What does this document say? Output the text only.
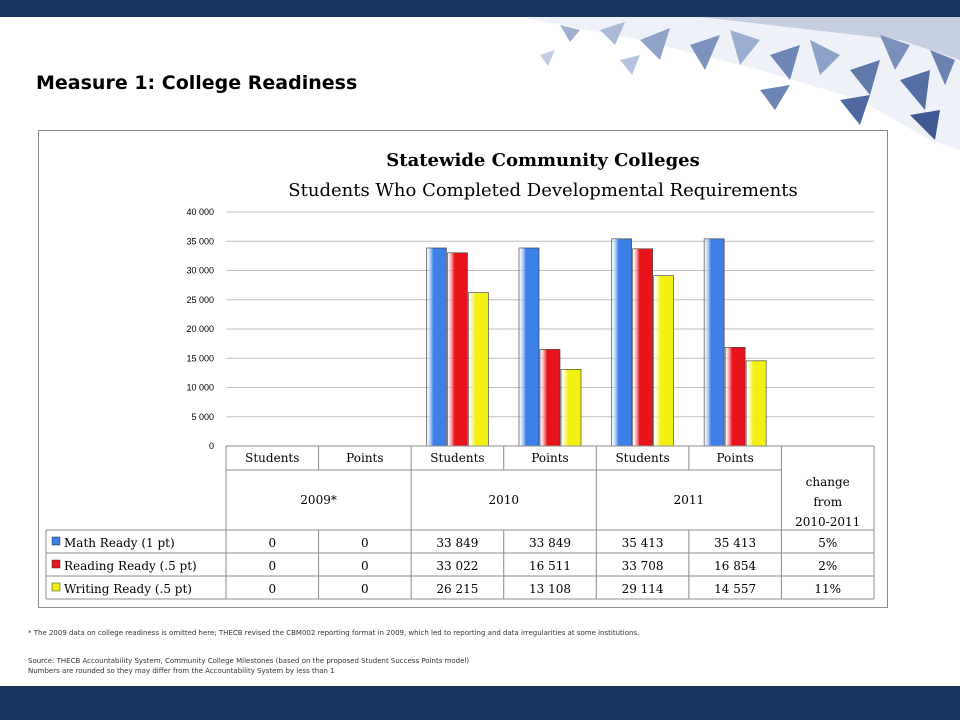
Measure 1: College Readiness
Statewide Community Colleges
Students Who Completed Developmental Requirements
0
5 000
10 000
15 000
20 000
25 000
30 000
35 000
40 000
Students	Points	Students	Points	Students	Points
2009*	2010	2011
change
from
2010-2011
Math Ready (1 pt)	0	0	33 849	33 849	35 413	35 413	5%
Reading Ready (.5 pt)	0	0	33 022	16 511	33 708	16 854	2%
Writing Ready (.5 pt)	0	0	26 215	13 108	29 114	14 557	11%
* The 2009 data on college readiness is omitted here; THECB revised the CBM002 reporting format in 2009, which led to reporting and data irregularities at some institutions.
Source: THECB Accountability System, Community College Milestones (based on the proposed Student Success Points model)
Numbers are rounded so they may differ from the Accountability System by less than 1
